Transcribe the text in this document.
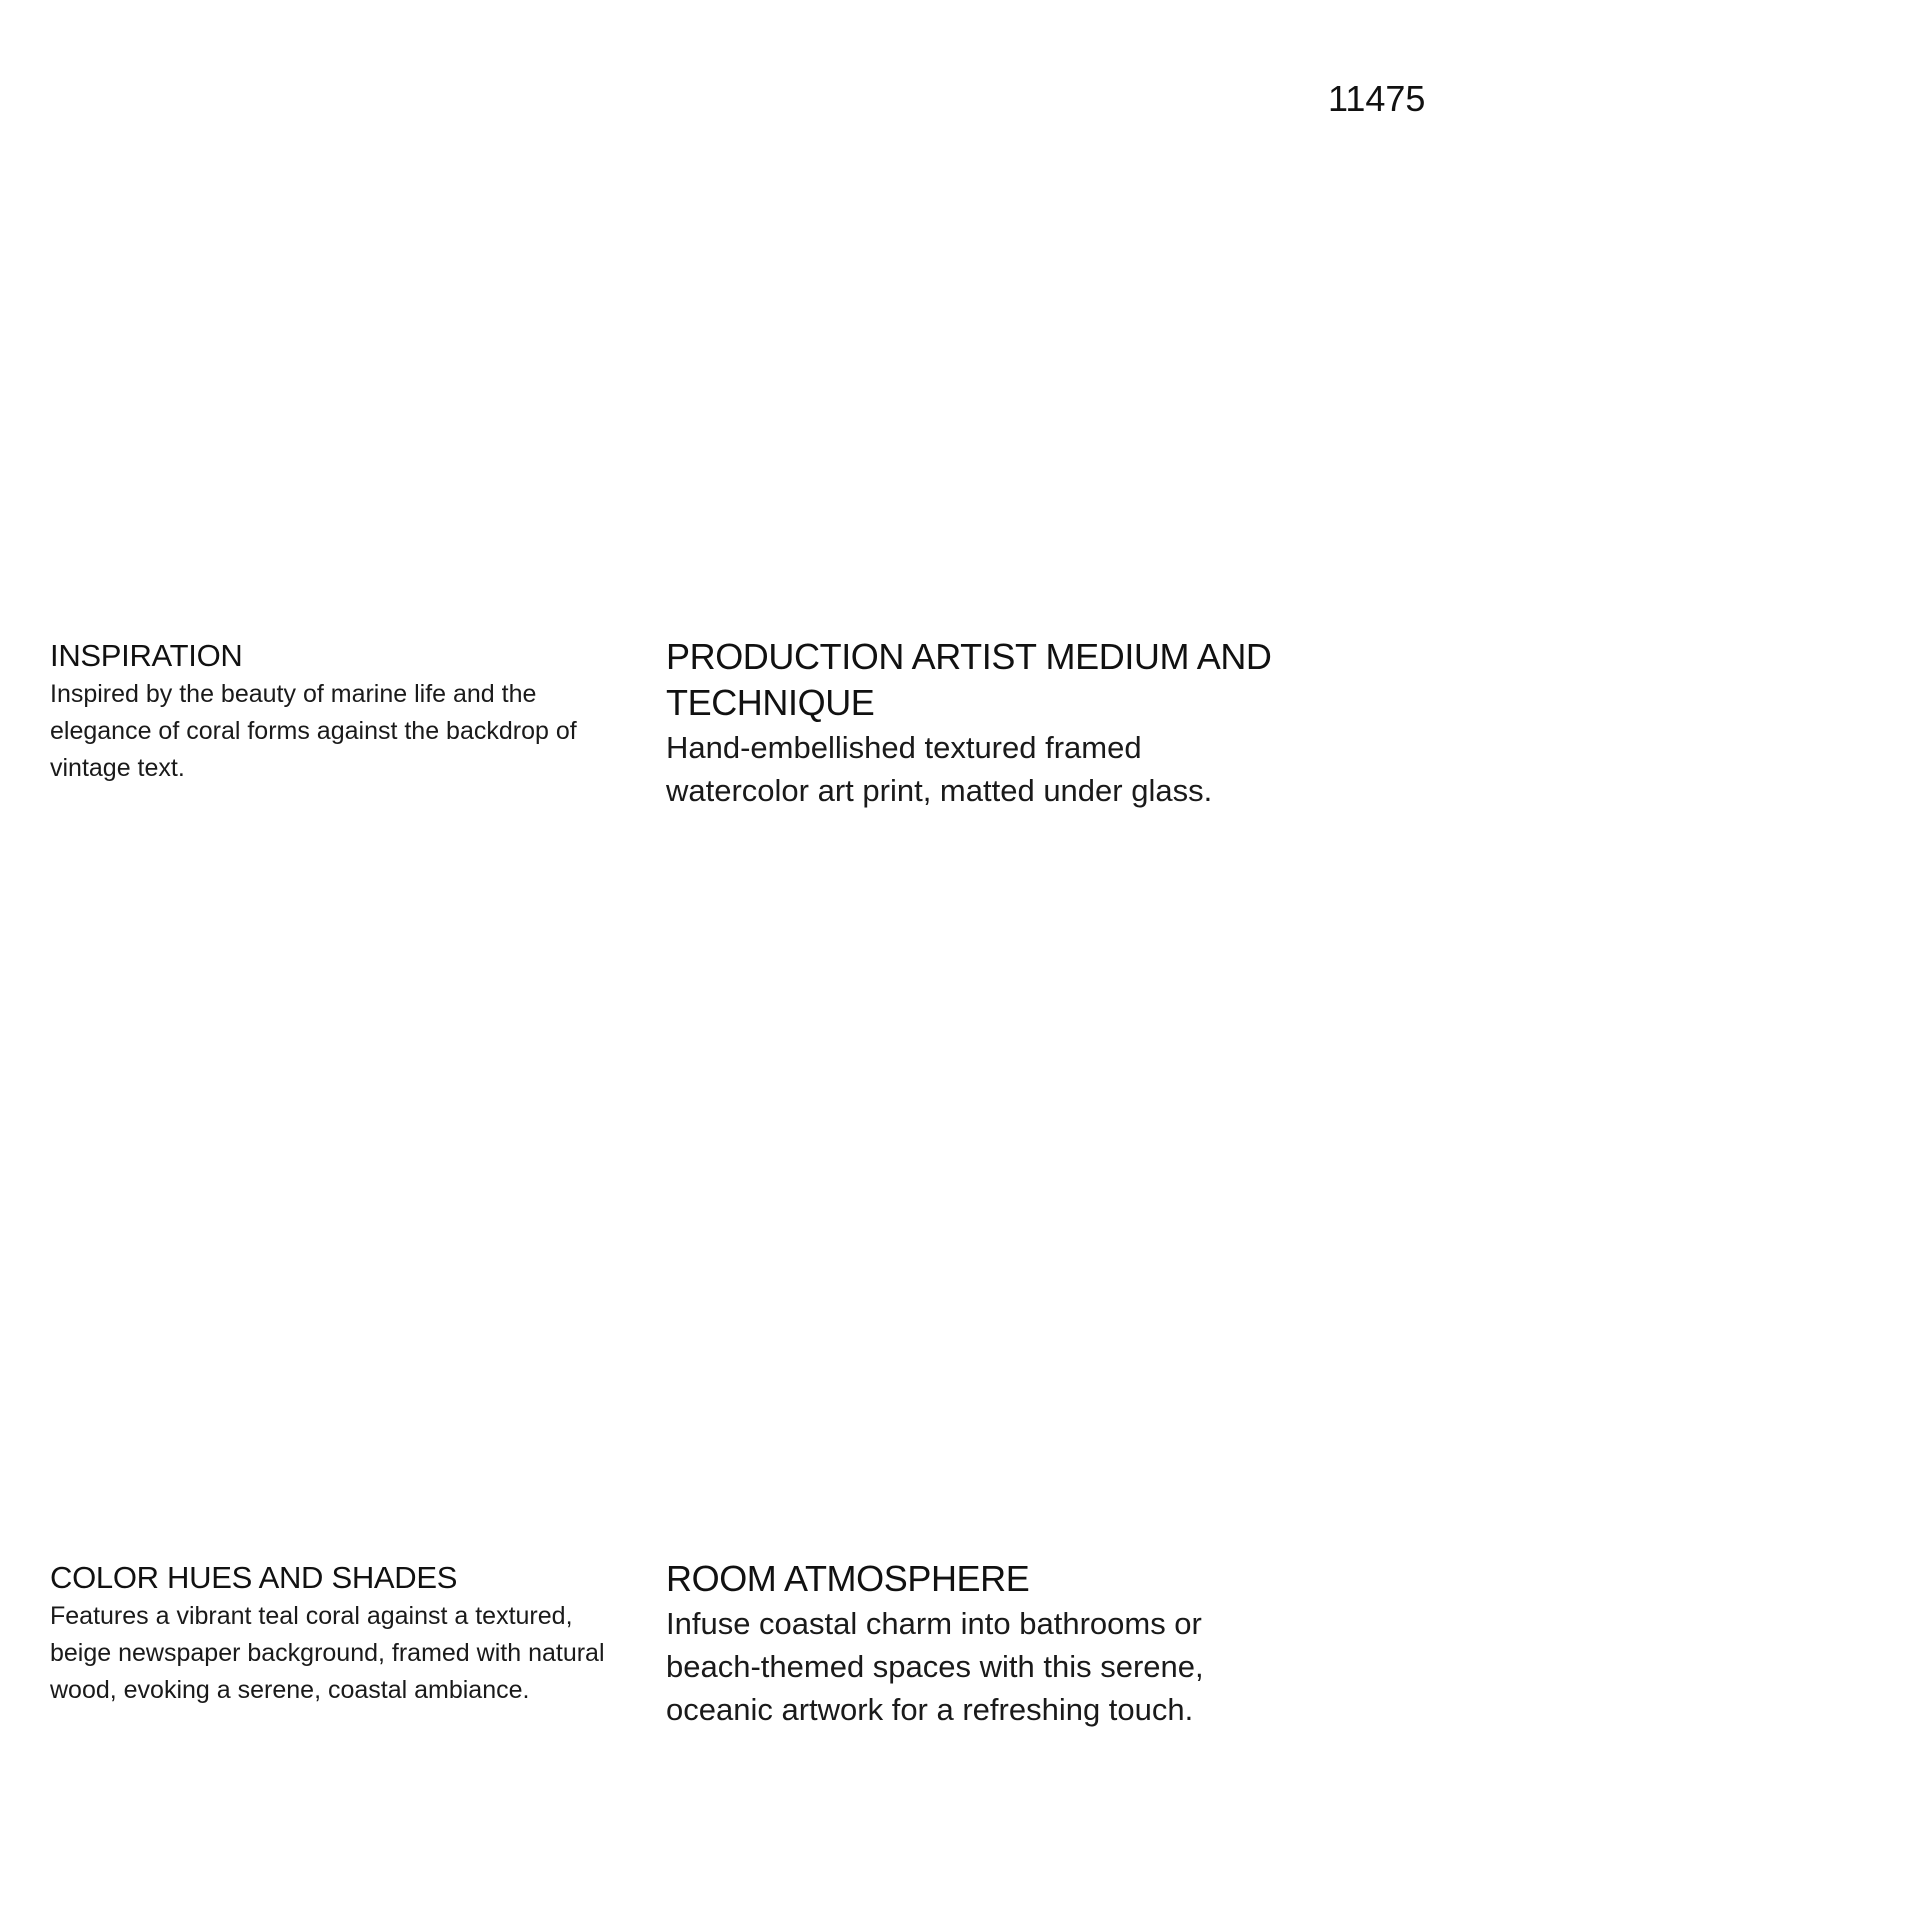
11475
INSPIRATION

Inspired by the beauty of marine life and the elegance of coral forms against the backdrop of vintage text.

PRODUCTION ARTIST MEDIUM AND TECHNIQUE

Hand-embellished textured framed watercolor art print, matted under glass.

COLOR HUES AND SHADES

Features a vibrant teal coral against a textured, beige newspaper background, framed with natural wood, evoking a serene, coastal ambiance.

ROOM ATMOSPHERE

Infuse coastal charm into bathrooms or beach-themed spaces with this serene, oceanic artwork for a refreshing touch.
